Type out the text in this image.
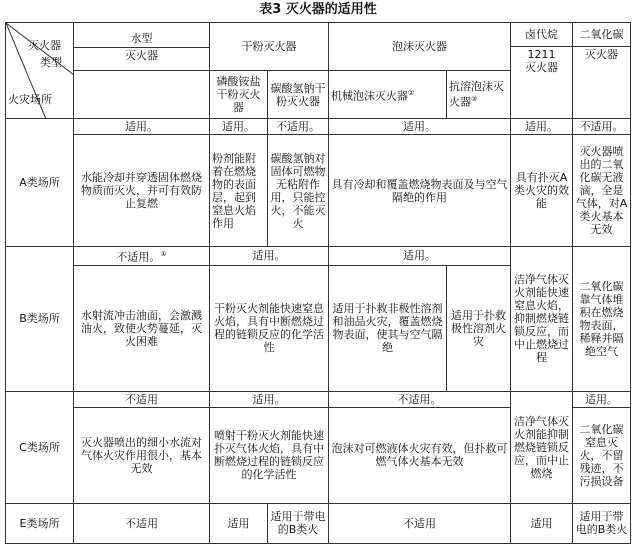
表3 灭火器的适用性
灭火器
类型
火灾场所	水型
灭火器	干粉灭火器		泡沫灭火器		卤代烷	二氧化碳

						1211
灭火器	灭火器
		磷酸铵盐干粉灭火器	碳酸氢钠干粉灭火器	机械泡沫灭火器②	抗溶泡沫灭火器③
A类场所	适用。	适用。	不适用。	适用。		适用。	不适用。
	水能冷却并穿透固体燃烧物质而灭火，并可有效防止复燃	粉剂能附着在燃烧物的表面层，起到窒息火焰作用	碳酸氢钠对固体可燃物无粘附作用，只能控火，不能灭火	具有冷却和覆盖燃烧物表面及与空气隔绝的作用		具有扑灭A类火灾的效能	灭火器喷出的二氧化碳无液滴，全是气体，对A类火基本无效
B类场所	不适用。①	适用。		适用。		洁净气体灭火剂能快速窒息火焰，抑制燃烧链锁反应，而中止燃烧过程	二氧化碳靠气体堆积在燃烧物表面，稀释并隔绝空气
	水射流冲击油面，会激溅油火，致使火势蔓延，灭火困难	干粉灭火剂能快速窒息火焰，具有中断燃烧过程的链锁反应的化学活性		适用于扑救非极性溶剂和油品火灾，覆盖燃烧物表面，使其与空气隔绝	适用于扑救极性溶剂火灾		
C类场所	不适用	适用。		不适用。		洁净气体灭火剂能抑制燃烧链锁反应，而中止燃烧	适用。
	灭火器喷出的细小水流对气体火灾作用很小，基本无效	喷射干粉灭火剂能快速扑灭气体火焰，具有中断燃烧过程的链锁反应的化学活性		泡沫对可燃液体火灾有效，但扑救可燃气体火基本无效			二氧化碳窒息灭火，不留残迹，不污损设备
E类场所	不适用	适用	适用于带电的B类火	不适用		适用	适用于带电的B类火
